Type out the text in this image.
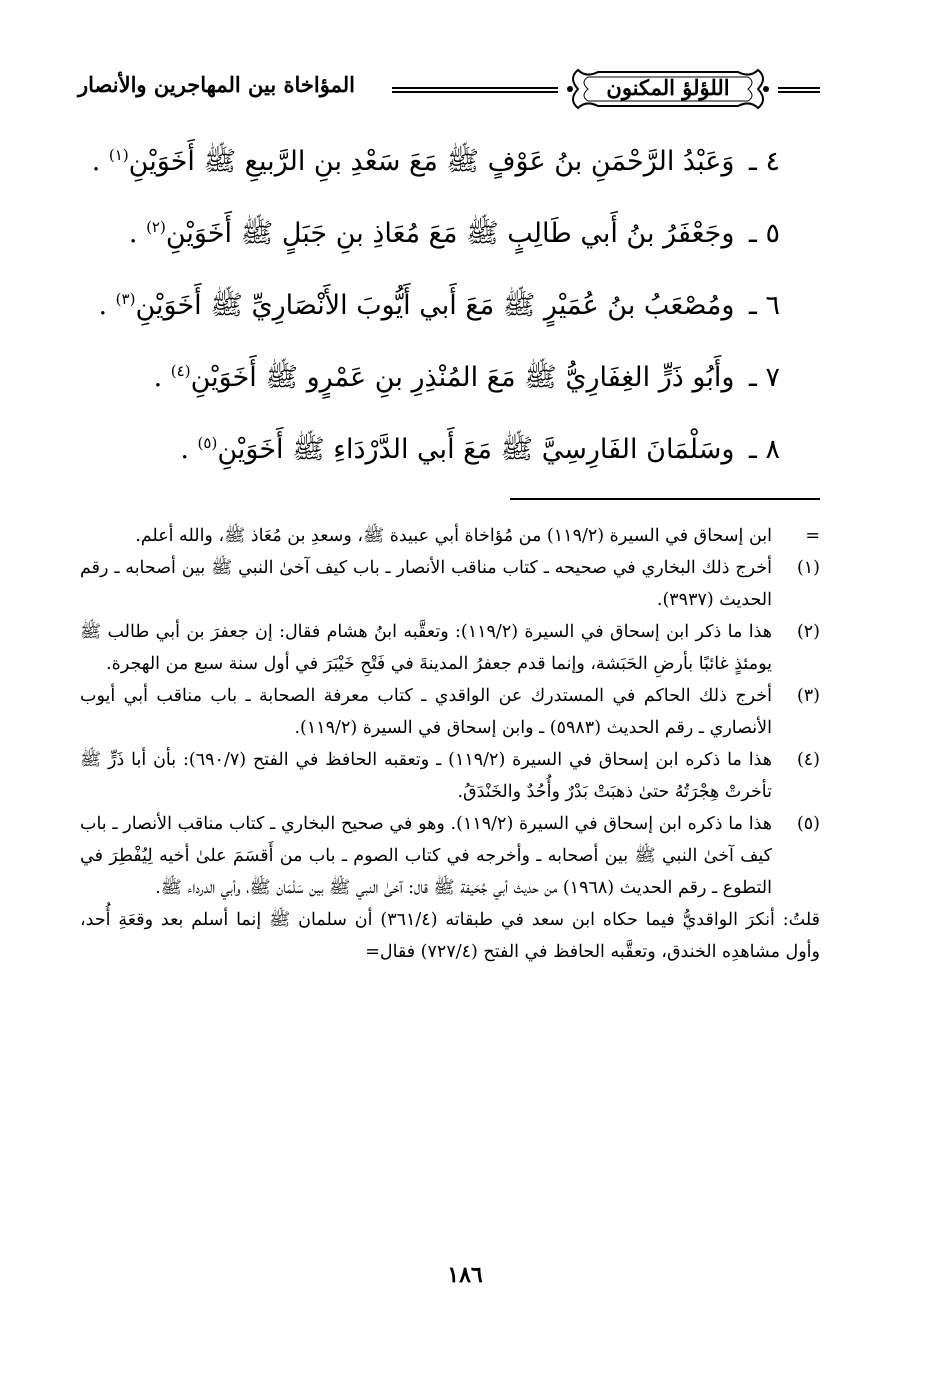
اللؤلؤ المكنون
المؤاخاة بين المهاجرين والأنصار
٤ ـ وَعَبْدُ الرَّحْمَنِ بنُ عَوْفٍ ﷺ مَعَ سَعْدِ بنِ الرَّبيعِ ﷺ أَخَوَيْنِ$^{(١)}$ .
٥ ـ وجَعْفَرُ بنُ أَبي طَالِبٍ ﷺ مَعَ مُعَاذِ بنِ جَبَلٍ ﷺ أَخَوَيْنِ$^{(٢)}$ .
٦ ـ ومُصْعَبُ بنُ عُمَيْرٍ ﷺ مَعَ أَبي أَيُّوبَ الأَنْصَارِيِّ ﷺ أَخَوَيْنِ$^{(٣)}$ .
٧ ـ وأَبُو ذَرٍّ الغِفَارِيُّ ﷺ مَعَ المُنْذِرِ بنِ عَمْرٍو ﷺ أَخَوَيْنِ$^{(٤)}$ .
٨ ـ وسَلْمَانَ الفَارِسِيَّ ﷺ مَعَ أَبي الدَّرْدَاءِ ﷺ أَخَوَيْنِ$^{(٥)}$ .
=
ابن إسحاق في السيرة (١١٩/٢) من مُؤاخاة أبي عبيدة ﷺ، وسعدِ بن مُعَاذ ﷺ، والله أعلم.
(١)
أخرج ذلك البخاري في صحيحه ـ كتاب مناقب الأنصار ـ باب كيف آخىٰ النبي ﷺ بين أصحابه ـ رقم الحديث (٣٩٣٧).
(٢)
هذا ما ذكر ابن إسحاق في السيرة (١١٩/٢): وتعقَّبه ابنُ هشام فقال: إن جعفرَ بن أبي طالب ﷺ يومئذٍ غائبًا بأرضِ الحَبَشة، وإنما قدم جعفرُ المدينةَ في فَتْحِ خَيْبَرَ في أول سنة سبع من الهجرة.
(٣)
أخرج ذلك الحاكم في المستدرك عن الواقدي ـ كتاب معرفة الصحابة ـ باب مناقب أبي أيوب الأنصاري ـ رقم الحديث (٥٩٨٣) ـ وابن إسحاق في السيرة (١١٩/٢).
(٤)
هذا ما ذكره ابن إسحاق في السيرة (١١٩/٢) ـ وتعقبه الحافظ في الفتح (٦٩٠/٧): بأن أبا ذَرٍّ ﷺ تأخرتْ هِجْرَتُهُ حتىٰ ذهبَتْ بَدْرٌ وأُحُدٌ والخَنْدَقُ.
(٥)
هذا ما ذكره ابن إسحاق في السيرة (١١٩/٢). وهو في صحيح البخاري ـ كتاب مناقب الأنصار ـ باب كيف آخىٰ النبي ﷺ بين أصحابه ـ وأخرجه في كتاب الصوم ـ باب من أَقسَمَ علىٰ أخيه لِيُفْطِرَ في التطوع ـ رقم الحديث (١٩٦٨) من حديث أبي جُحَيفة ﷺ قال: آخىٰ النبي ﷺ بين سَلْمَان ﷺ، وأبي الدرداء ﷺ.
قلتُ: أنكرَ الواقديُّ فيما حكاه ابن سعد في طبقاته (٣٦١/٤) أن سلمان ﷺ إنما أسلم بعد وقعَةِ أُحد، وأول مشاهدِه الخندق، وتعقَّبه الحافظ في الفتح (٧٢٧/٤) فقال=
١٨٦
